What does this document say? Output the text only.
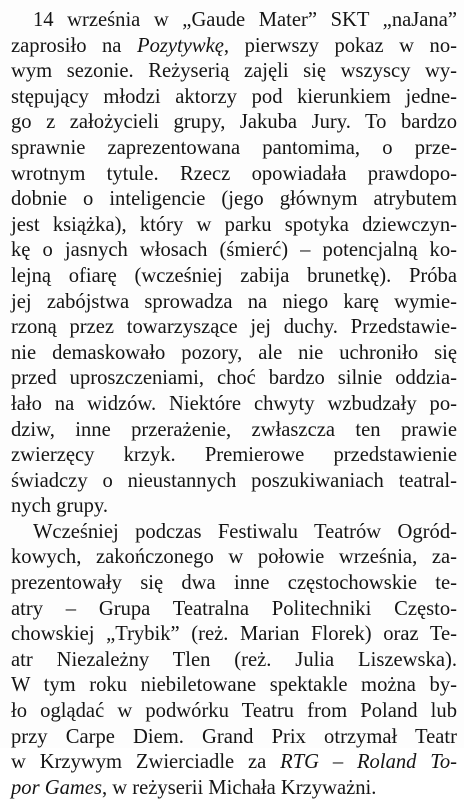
14 września w „Gaude Mater” SKT „naJana”
zaprosiło na Pozytywkę, pierwszy pokaz w no-
wym sezonie. Reżyserią zajęli się wszyscy wy-
stępujący młodzi aktorzy pod kierunkiem jedne-
go z założycieli grupy, Jakuba Jury. To bardzo
sprawnie zaprezentowana pantomima, o prze-
wrotnym tytule. Rzecz opowiadała prawdopo-
dobnie o inteligencie (jego głównym atrybutem
jest książka), który w parku spotyka dziewczyn-
kę o jasnych włosach (śmierć) – potencjalną ko-
lejną ofiarę (wcześniej zabija brunetkę). Próba
jej zabójstwa sprowadza na niego karę wymie-
rzoną przez towarzyszące jej duchy. Przedstawie-
nie demaskowało pozory, ale nie uchroniło się
przed uproszczeniami, choć bardzo silnie oddzia-
łało na widzów. Niektóre chwyty wzbudzały po-
dziw, inne przerażenie, zwłaszcza ten prawie
zwierzęcy krzyk. Premierowe przedstawienie
świadczy o nieustannych poszukiwaniach teatral-
nych grupy.
Wcześniej podczas Festiwalu Teatrów Ogród-
kowych, zakończonego w połowie września, za-
prezentowały się dwa inne częstochowskie te-
atry – Grupa Teatralna Politechniki Często-
chowskiej „Trybik” (reż. Marian Florek) oraz Te-
atr Niezależny Tlen (reż. Julia Liszewska).
W tym roku niebiletowane spektakle można by-
ło oglądać w podwórku Teatru from Poland lub
przy Carpe Diem. Grand Prix otrzymał Teatr
w Krzywym Zwierciadle za RTG – Roland To-
por Games, w reżyserii Michała Krzyważni.
